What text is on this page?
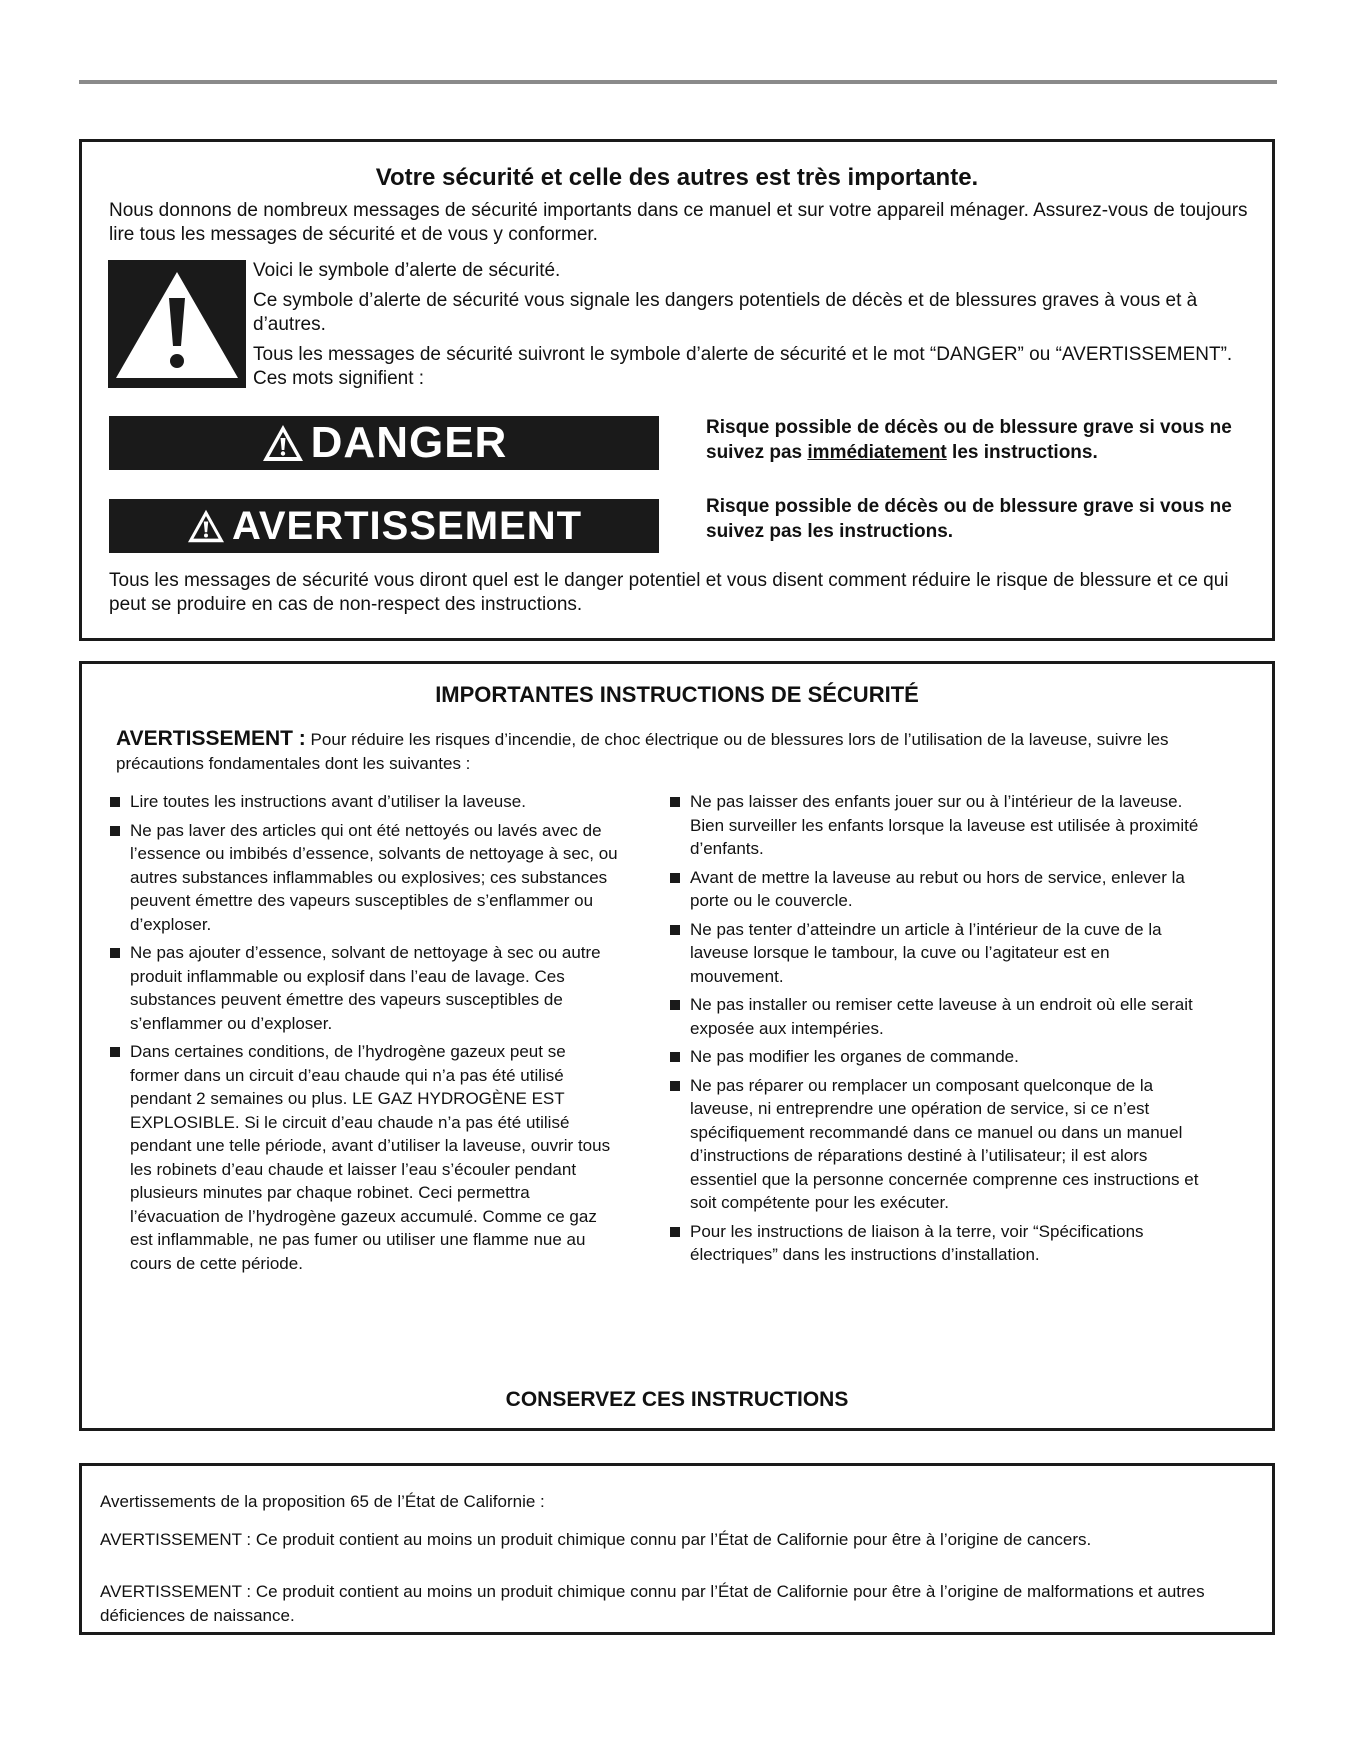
Votre sécurité et celle des autres est très importante.
Nous donnons de nombreux messages de sécurité importants dans ce manuel et sur votre appareil ménager. Assurez-vous de toujours lire tous les messages de sécurité et de vous y conformer.

Voici le symbole d’alerte de sécurité.

Ce symbole d’alerte de sécurité vous signale les dangers potentiels de décès et de blessures graves à vous et à d’autres.

Tous les messages de sécurité suivront le symbole d’alerte de sécurité et le mot “DANGER” ou “AVERTISSEMENT”. Ces mots signifient :

DANGER	Risque possible de décès ou de blessure grave si vous ne suivez pas immédiatement les instructions.
AVERTISSEMENT	Risque possible de décès ou de blessure grave si vous ne suivez pas les instructions.
Tous les messages de sécurité vous diront quel est le danger potentiel et vous disent comment réduire le risque de blessure et ce qui peut se produire en cas de non-respect des instructions.
IMPORTANTES INSTRUCTIONS DE SÉCURITÉ
AVERTISSEMENT : Pour réduire les risques d’incendie, de choc électrique ou de blessures lors de l’utilisation de la laveuse, suivre les précautions fondamentales dont les suivantes :
Lire toutes les instructions avant d’utiliser la laveuse.
Ne pas laver des articles qui ont été nettoyés ou lavés avec de l’essence ou imbibés d’essence, solvants de nettoyage à sec, ou autres substances inflammables ou explosives; ces substances peuvent émettre des vapeurs susceptibles de s’enflammer ou d’exploser.
Ne pas ajouter d’essence, solvant de nettoyage à sec ou autre produit inflammable ou explosif dans l’eau de lavage. Ces substances peuvent émettre des vapeurs susceptibles de s’enflammer ou d’exploser.
Dans certaines conditions, de l’hydrogène gazeux peut se former dans un circuit d’eau chaude qui n’a pas été utilisé pendant 2 semaines ou plus. LE GAZ HYDROGÈNE EST EXPLOSIBLE. Si le circuit d’eau chaude n’a pas été utilisé pendant une telle période, avant d’utiliser la laveuse, ouvrir tous les robinets d’eau chaude et laisser l’eau s’écouler pendant plusieurs minutes par chaque robinet. Ceci permettra l’évacuation de l’hydrogène gazeux accumulé. Comme ce gaz est inflammable, ne pas fumer ou utiliser une flamme nue au cours de cette période.
Ne pas laisser des enfants jouer sur ou à l’intérieur de la laveuse. Bien surveiller les enfants lorsque la laveuse est utilisée à proximité d’enfants.
Avant de mettre la laveuse au rebut ou hors de service, enlever la porte ou le couvercle.
Ne pas tenter d’atteindre un article à l’intérieur de la cuve de la laveuse lorsque le tambour, la cuve ou l’agitateur est en mouvement.
Ne pas installer ou remiser cette laveuse à un endroit où elle serait exposée aux intempéries.
Ne pas modifier les organes de commande.
Ne pas réparer ou remplacer un composant quelconque de la laveuse, ni entreprendre une opération de service, si ce n’est spécifiquement recommandé dans ce manuel ou dans un manuel d’instructions de réparations destiné à l’utilisateur; il est alors essentiel que la personne concernée comprenne ces instructions et soit compétente pour les exécuter.
Pour les instructions de liaison à la terre, voir “Spécifications électriques” dans les instructions d’installation.
CONSERVEZ CES INSTRUCTIONS
Avertissements de la proposition 65 de l’État de Californie :
AVERTISSEMENT : Ce produit contient au moins un produit chimique connu par l’État de Californie pour être à l’origine de cancers.
AVERTISSEMENT : Ce produit contient au moins un produit chimique connu par l’État de Californie pour être à l’origine de malformations et autres déficiences de naissance.
